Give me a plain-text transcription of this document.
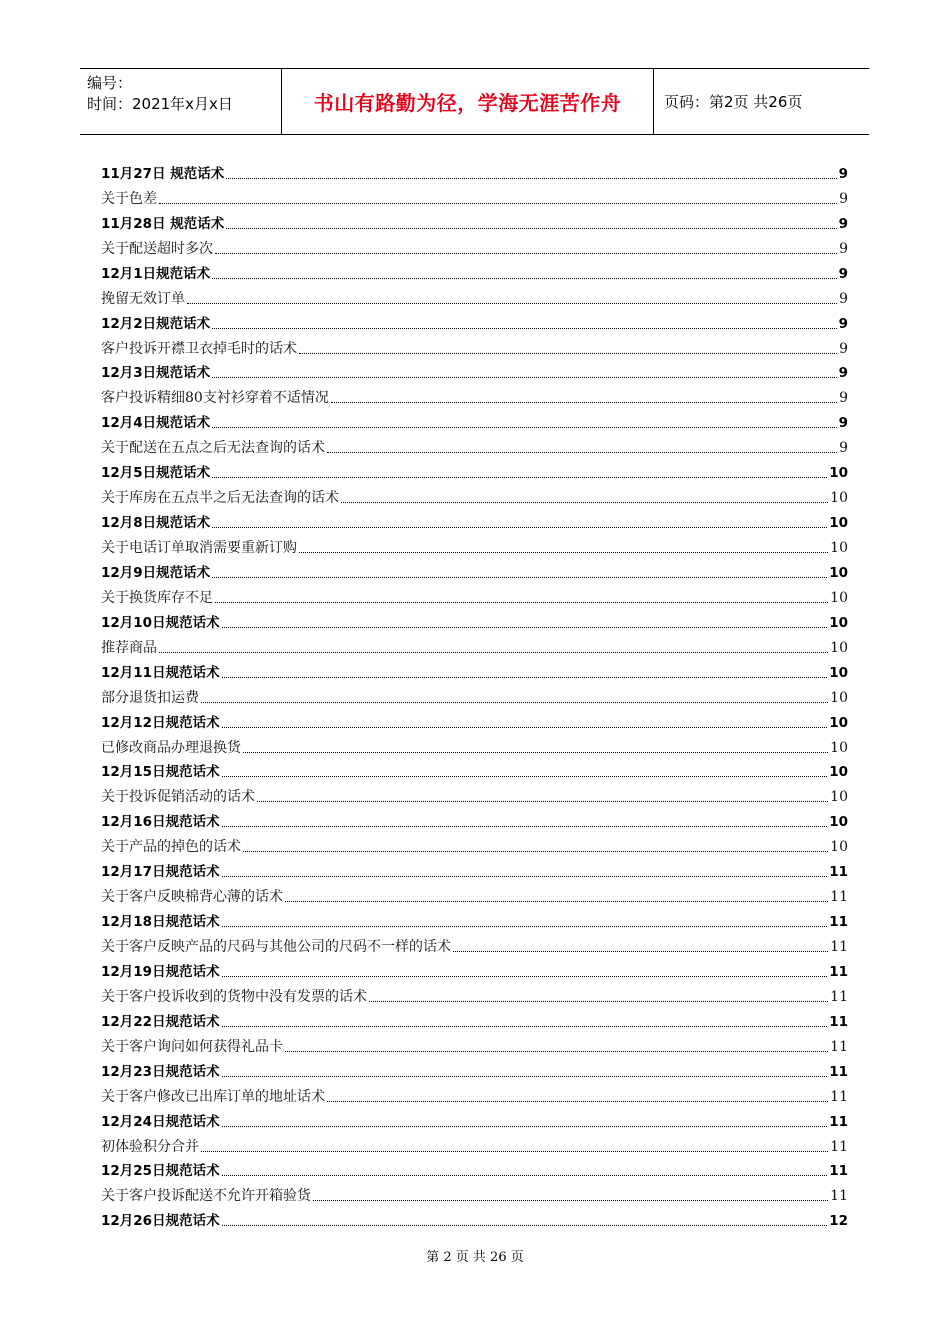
编号：
时间：2021年x月x日	书山有路勤为径，学海无涯苦作舟	页码：第2页 共26页
11月27日 规范话术	9
关于色差	9
11月28日 规范话术	9
关于配送超时多次	9
12月1日规范话术	9
挽留无效订单	9
12月2日规范话术	9
客户投诉开襟卫衣掉毛时的话术	9
12月3日规范话术	9
客户投诉精细80支衬衫穿着不适情况	9
12月4日规范话术	9
关于配送在五点之后无法查询的话术	9
12月5日规范话术	10
关于库房在五点半之后无法查询的话术	10
12月8日规范话术	10
关于电话订单取消需要重新订购	10
12月9日规范话术	10
关于换货库存不足	10
12月10日规范话术	10
推荐商品	10
12月11日规范话术	10
部分退货扣运费	10
12月12日规范话术	10
已修改商品办理退换货	10
12月15日规范话术	10
关于投诉促销活动的话术	10
12月16日规范话术	10
关于产品的掉色的话术	10
12月17日规范话术	11
关于客户反映棉背心薄的话术	11
12月18日规范话术	11
关于客户反映产品的尺码与其他公司的尺码不一样的话术	11
12月19日规范话术	11
关于客户投诉收到的货物中没有发票的话术	11
12月22日规范话术	11
关于客户询问如何获得礼品卡	11
12月23日规范话术	11
关于客户修改已出库订单的地址话术	11
12月24日规范话术	11
初体验积分合并	11
12月25日规范话术	11
关于客户投诉配送不允许开箱验货	11
12月26日规范话术	12
第 2 页 共 26 页
